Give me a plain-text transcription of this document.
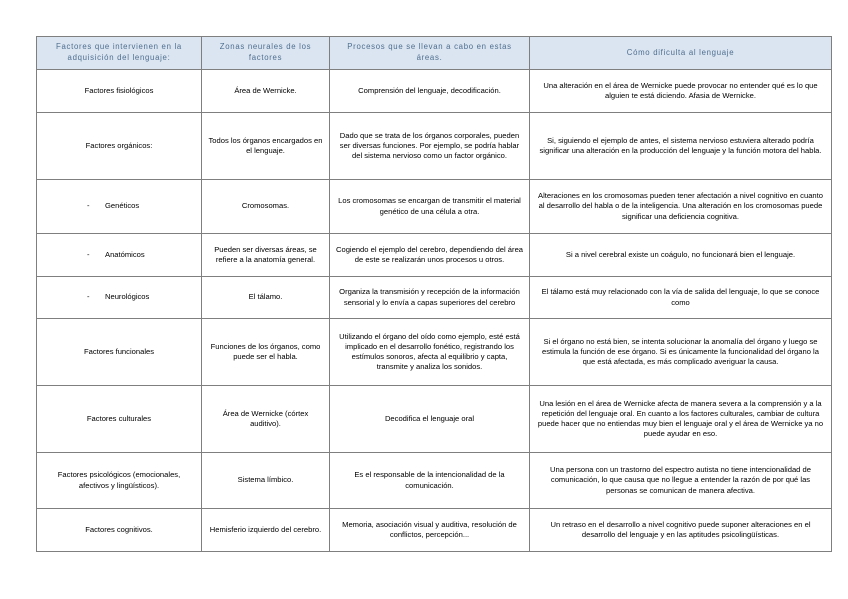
Factores que intervienen en la adquisición del lenguaje:	Zonas neurales de los factores	Procesos que se llevan a cabo en estas áreas.	Cómo dificulta al lenguaje
Factores fisiológicos	Área de Wernicke.	Comprensión del lenguaje, decodificación.	Una alteración en el área de Wernicke puede provocar no entender qué es lo que alguien te está diciendo. Afasia de Wernicke.
Factores orgánicos:	Todos los órganos encargados en el lenguaje.	Dado que se trata de los órganos corporales, pueden ser diversas funciones. Por ejemplo, se podría hablar del sistema nervioso como un factor orgánico.	Si, siguiendo el ejemplo de antes, el sistema nervioso estuviera alterado podría significar una alteración en la producción del lenguaje y la función motora del habla.
- Genéticos	Cromosomas.	Los cromosomas se encargan de transmitir el material genético de una célula a otra.	Alteraciones en los cromosomas pueden tener afectación a nivel cognitivo en cuanto al desarrollo del habla o de la inteligencia. Una alteración en los cromosomas puede significar una deficiencia cognitiva.
- Anatómicos	Pueden ser diversas áreas, se refiere a la anatomía general.	Cogiendo el ejemplo del cerebro, dependiendo del área de este se realizarán unos procesos u otros.	Si a nivel cerebral existe un coágulo, no funcionará bien el lenguaje.
- Neurológicos	El tálamo.	Organiza la transmisión y recepción de la información sensorial y lo envía a capas superiores del cerebro	El tálamo está muy relacionado con la vía de salida del lenguaje, lo que se conoce como
Factores funcionales	Funciones de los órganos, como puede ser el habla.	Utilizando el órgano del oído como ejemplo, esté está implicado en el desarrollo fonético, registrando los estímulos sonoros, afecta al equilibrio y capta, transmite y analiza los sonidos.	Si el órgano no está bien, se intenta solucionar la anomalía del órgano y luego se estimula la función de ese órgano. Si es únicamente la funcionalidad del órgano la que está afectada, es más complicado averiguar la causa.
Factores culturales	Área de Wernicke (córtex auditivo).	Decodifica el lenguaje oral	Una lesión en el área de Wernicke afecta de manera severa a la comprensión y a la repetición del lenguaje oral. En cuanto a los factores culturales, cambiar de cultura puede hacer que no entiendas muy bien el lenguaje oral y el área de Wernicke ya no puede ayudar en eso.
Factores psicológicos (emocionales, afectivos y lingüísticos).	Sistema límbico.	Es el responsable de la intencionalidad de la comunicación.	Una persona con un trastorno del espectro autista no tiene intencionalidad de comunicación, lo que causa que no llegue a entender la razón de por qué las personas se comunican de manera afectiva.
Factores cognitivos.	Hemisferio izquierdo del cerebro.	Memoria, asociación visual y auditiva, resolución de conflictos, percepción...	Un retraso en el desarrollo a nivel cognitivo puede suponer alteraciones en el desarrollo del lenguaje y en las aptitudes psicolingüísticas.
